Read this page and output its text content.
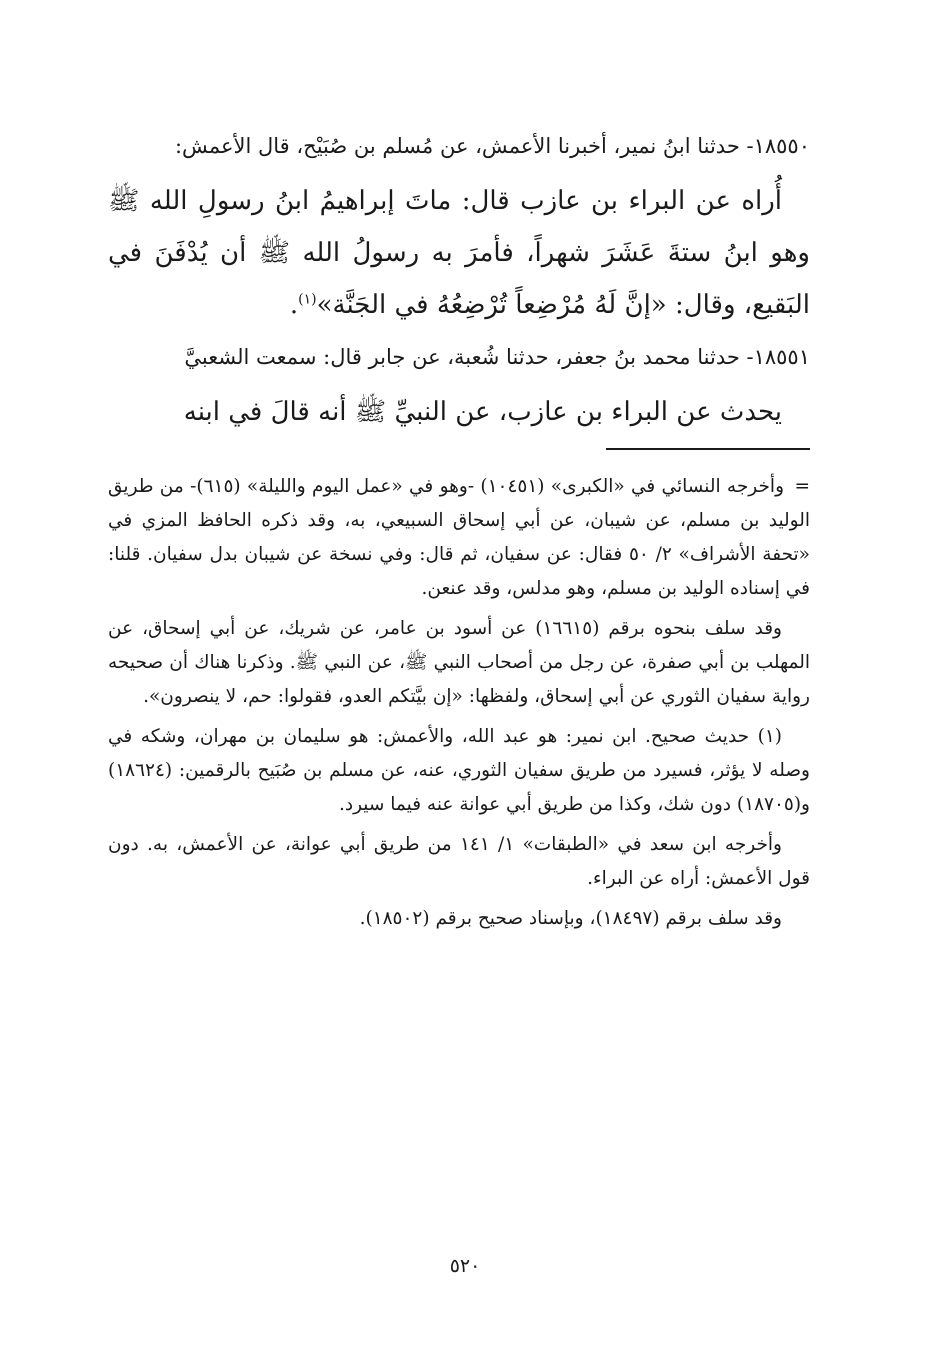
١٨٥٥٠- حدثنا ابنُ نمير، أخبرنا الأعمش، عن مُسلم بن صُبَيْح، قال الأعمش:

أُراه عن البراء بن عازب قال: ماتَ إبراهيمُ ابنُ رسولِ الله ﷺ وهو ابنُ ستةَ عَشَرَ شهراً، فأمرَ به رسولُ الله ﷺ أن يُدْفَنَ في البَقيع، وقال: «إنَّ لَهُ مُرْضِعاً تُرْضِعُهُ في الجَنَّة»$^{(١)}$.

١٨٥٥١- حدثنا محمد بنُ جعفر، حدثنا شُعبة، عن جابر قال: سمعت الشعبيَّ

يحدث عن البراء بن عازب، عن النبيِّ ﷺ أنه قالَ في ابنه

=وأخرجه النسائي في «الكبرى» (١٠٤٥١) -وهو في «عمل اليوم والليلة» (٦١٥)- من طريق الوليد بن مسلم، عن شيبان، عن أبي إسحاق السبيعي، به، وقد ذكره الحافظ المزي في «تحفة الأشراف» ٢/ ٥٠ فقال: عن سفيان، ثم قال: وفي نسخة عن شيبان بدل سفيان. قلنا: في إسناده الوليد بن مسلم، وهو مدلس، وقد عنعن.

وقد سلف بنحوه برقم (١٦٦١٥) عن أسود بن عامر، عن شريك، عن أبي إسحاق، عن المهلب بن أبي صفرة، عن رجل من أصحاب النبي ﷺ، عن النبي ﷺ. وذكرنا هناك أن صحيحه رواية سفيان الثوري عن أبي إسحاق، ولفظها: «إن بيَّتكم العدو، فقولوا: حم، لا ينصرون».

(١) حديث صحيح. ابن نمير: هو عبد الله، والأعمش: هو سليمان بن مهران، وشكه في وصله لا يؤثر، فسيرد من طريق سفيان الثوري، عنه، عن مسلم بن صُبَيح بالرقمين: (١٨٦٢٤) و(١٨٧٠٥) دون شك، وكذا من طريق أبي عوانة عنه فيما سيرد.

وأخرجه ابن سعد في «الطبقات» ١/ ١٤١ من طريق أبي عوانة، عن الأعمش، به. دون قول الأعمش: أراه عن البراء.

وقد سلف برقم (١٨٤٩٧)، وبإسناد صحيح برقم (١٨٥٠٢).

٥٢٠
